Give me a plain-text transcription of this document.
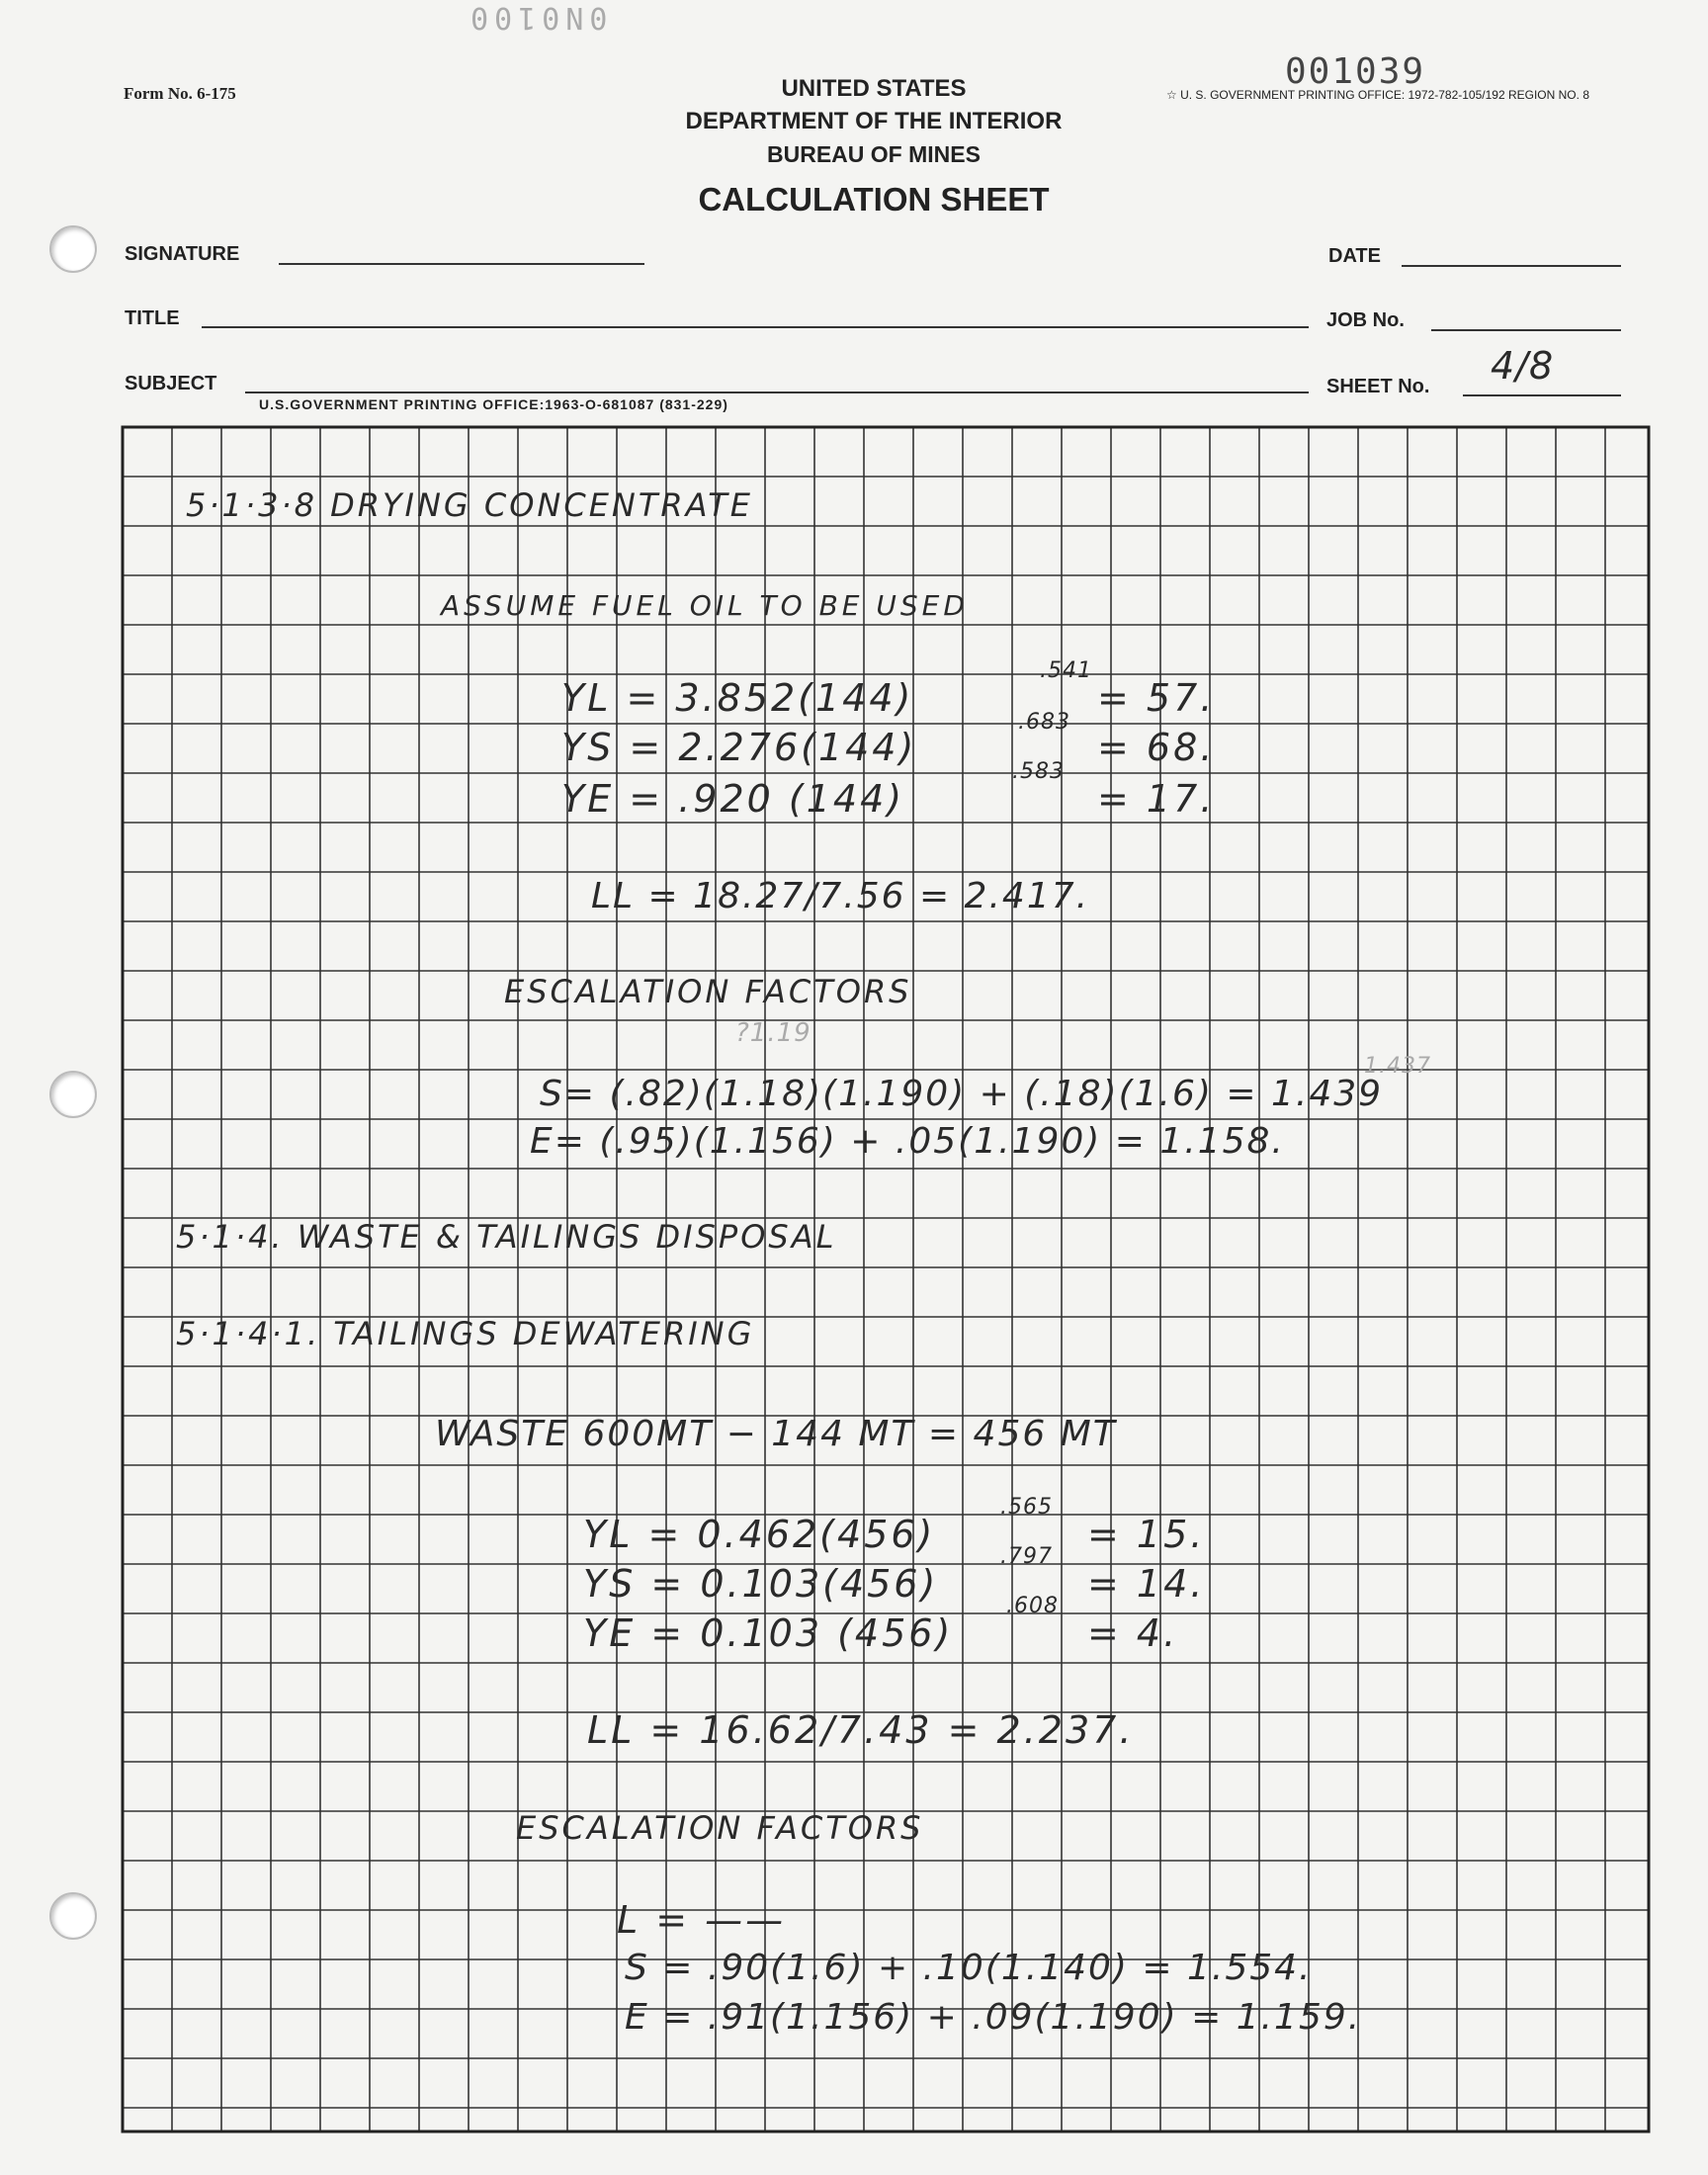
0N0100
001039
Form No. 6-175	☆ U. S. GOVERNMENT PRINTING OFFICE: 1972-782-105/192 REGION NO. 8
UNITED STATES
DEPARTMENT OF THE INTERIOR
BUREAU OF MINES
CALCULATION SHEET
SIGNATURE	DATE
TITLE	JOB No.
SUBJECT	SHEET No. 4/8
U.S.GOVERNMENT PRINTING OFFICE:1963-O-681087 (831-229)
5·1·3·8 DRYING CONCENTRATE
ASSUME FUEL OIL TO BE USED
YL = 3.852(144)
.541
= 57.
YS = 2.276(144)
.683
= 68.
YE = .920 (144)
.583
= 17.
LL = 18.27/7.56 = 2.417.
ESCALATION FACTORS
?1.19
S= (.82)(1.18)(1.190) + (.18)(1.6) = 1.439
1.437
E= (.95)(1.156) + .05(1.190) = 1.158.
5·1·4. WASTE & TAILINGS DISPOSAL
5·1·4·1. TAILINGS DEWATERING
WASTE 600MT − 144 MT = 456 MT
YL = 0.462(456)
.565
= 15.
YS = 0.103(456)
.797
= 14.
YE = 0.103 (456)
.608
= 4.
LL = 16.62/7.43 = 2.237.
ESCALATION FACTORS
L = ——
S = .90(1.6) + .10(1.140) = 1.554.
E = .91(1.156) + .09(1.190) = 1.159.
